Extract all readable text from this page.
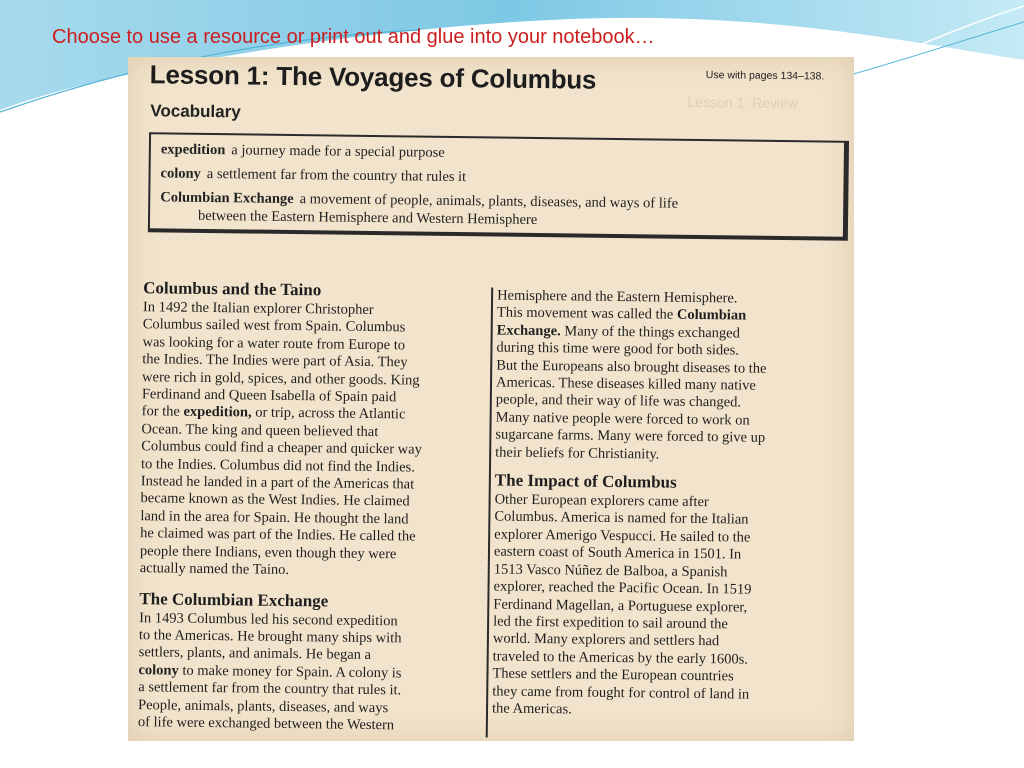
Choose to use a resource or print out and glue into your notebook…
Lesson 1: Review
Lesson 1: The Voyages of Columbus	Use with pages 134–138.
Vocabulary
expedition a journey made for a special purpose
colony a settlement far from the country that rules it
Columbian Exchange a movement of people, animals, plants, diseases, and ways of life
between the Eastern Hemisphere and Western Hemisphere
Columbus and the Taino

In 1492 the Italian explorer Christopher
Columbus sailed west from Spain. Columbus
was looking for a water route from Europe to
the Indies. The Indies were part of Asia. They
were rich in gold, spices, and other goods. King
Ferdinand and Queen Isabella of Spain paid
for the expedition, or trip, across the Atlantic
Ocean. The king and queen believed that
Columbus could find a cheaper and quicker way
to the Indies. Columbus did not find the Indies.
Instead he landed in a part of the Americas that
became known as the West Indies. He claimed
land in the area for Spain. He thought the land
he claimed was part of the Indies. He called the
people there Indians, even though they were
actually named the Taino.

The Columbian Exchange

In 1493 Columbus led his second expedition
to the Americas. He brought many ships with
settlers, plants, and animals. He began a
colony to make money for Spain. A colony is
a settlement far from the country that rules it.
People, animals, plants, diseases, and ways
of life were exchanged between the Western

Hemisphere and the Eastern Hemisphere.
This movement was called the Columbian
Exchange. Many of the things exchanged
during this time were good for both sides.
But the Europeans also brought diseases to the
Americas. These diseases killed many native
people, and their way of life was changed.
Many native people were forced to work on
sugarcane farms. Many were forced to give up
their beliefs for Christianity.

The Impact of Columbus

Other European explorers came after
Columbus. America is named for the Italian
explorer Amerigo Vespucci. He sailed to the
eastern coast of South America in 1501. In
1513 Vasco Núñez de Balboa, a Spanish
explorer, reached the Pacific Ocean. In 1519
Ferdinand Magellan, a Portuguese explorer,
led the first expedition to sail around the
world. Many explorers and settlers had
traveled to the Americas by the early 1600s.
These settlers and the European countries
they came from fought for control of land in
the Americas.
